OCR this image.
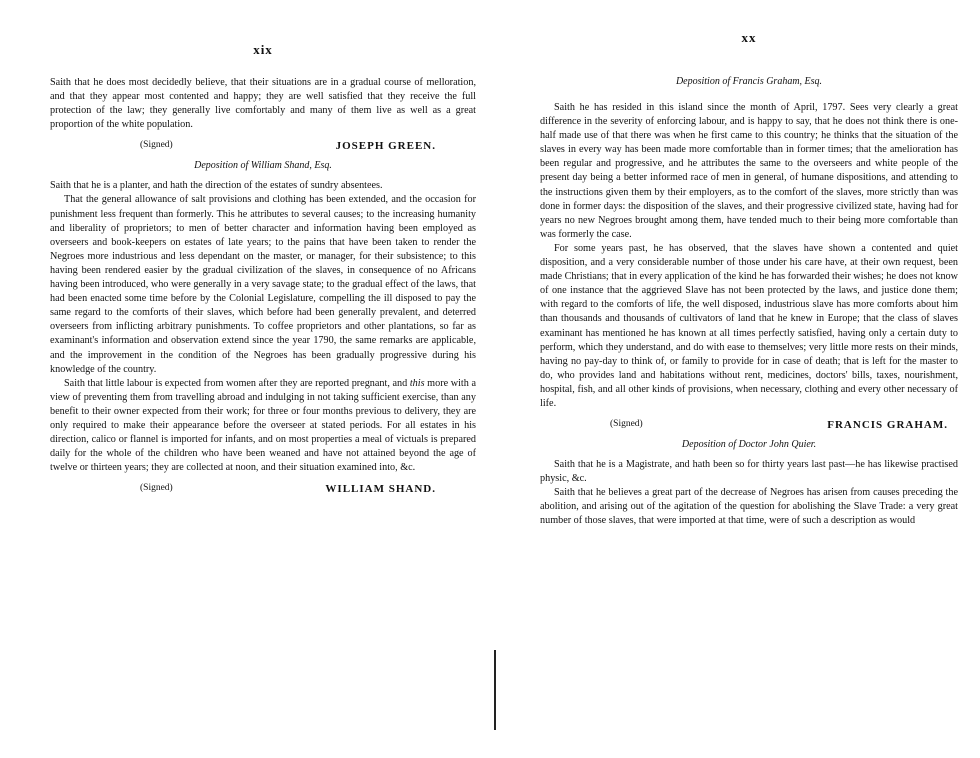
xix

Saith that he does most decidedly believe, that their situations are in a gradual course of melloration, and that they appear most contented and happy; they are well satisfied that they receive the full protection of the law; they generally live comfortably and many of them live as well as a great proportion of the white population.

(Signed)	JOSEPH GREEN.
Deposition of William Shand, Esq.

Saith that he is a planter, and hath the direction of the estates of sundry absentees.

That the general allowance of salt provisions and clothing has been extended, and the occasion for punishment less frequent than formerly. This he attributes to several causes; to the increasing humanity and liberality of proprietors; to men of better character and information having been employed as overseers and book-keepers on estates of late years; to the pains that have been taken to render the Negroes more industrious and less dependant on the master, or manager, for their subsistence; to this having been rendered easier by the gradual civilization of the slaves, in consequence of no Africans having been introduced, who were generally in a very savage state; to the gradual effect of the laws, that had been enacted some time before by the Colonial Legislature, compelling the ill disposed to pay the same regard to the comforts of their slaves, which before had been generally prevalent, and deterred overseers from inflicting arbitrary punishments. To coffee proprietors and other plantations, so far as examinant's information and observation extend since the year 1790, the same remarks are applicable, and the improvement in the condition of the Negroes has been gradually progressive during his knowledge of the country.

Saith that little labour is expected from women after they are reported pregnant, and this more with a view of preventing them from travelling abroad and indulging in not taking sufficient exercise, than any benefit to their owner expected from their work; for three or four months previous to delivery, they are only required to make their appearance before the overseer at stated periods. For all estates in his direction, calico or flannel is imported for infants, and on most properties a meal of victuals is prepared daily for the whole of the children who have been weaned and have not attained beyond the age of twelve or thirteen years; they are collected at noon, and their situation examined into, &c.

(Signed)	WILLIAM SHAND.
xx
Deposition of Francis Graham, Esq.

Saith he has resided in this island since the month of April, 1797. Sees very clearly a great difference in the severity of enforcing labour, and is happy to say, that he does not think there is one-half made use of that there was when he first came to this country; he thinks that the situation of the slaves in every way has been made more comfortable than in former times; that the amelioration has been regular and progressive, and he attributes the same to the overseers and white people of the present day being a better informed race of men in general, of humane dispositions, and attending to the instructions given them by their employers, as to the comfort of the slaves, more strictly than was done in former days: the disposition of the slaves, and their progressive civilized state, having had for years no new Negroes brought among them, have tended much to their being more comfortable than was formerly the case.

For some years past, he has observed, that the slaves have shown a contented and quiet disposition, and a very considerable number of those under his care have, at their own request, been made Christians; that in every application of the kind he has forwarded their wishes; he does not know of one instance that the aggrieved Slave has not been protected by the laws, and justice done them; with regard to the comforts of life, the well disposed, industrious slave has more comforts about him than thousands and thousands of cultivators of land that he knew in Europe; that the class of slaves examinant has mentioned he has known at all times perfectly satisfied, having only a certain duty to perform, which they understand, and do with ease to themselves; very little more rests on their minds, having no pay-day to think of, or family to provide for in case of death; that is left for the master to do, who provides land and habitations without rent, medicines, doctors' bills, taxes, nourishment, hospital, fish, and all other kinds of provisions, when necessary, clothing and every other necessary of life.

(Signed)	FRANCIS GRAHAM.
Deposition of Doctor John Quier.

Saith that he is a Magistrate, and hath been so for thirty years last past—he has likewise practised physic, &c.

Saith that he believes a great part of the decrease of Negroes has arisen from causes preceding the abolition, and arising out of the agitation of the question for abolishing the Slave Trade: a very great number of those slaves, that were imported at that time, were of such a description as would
